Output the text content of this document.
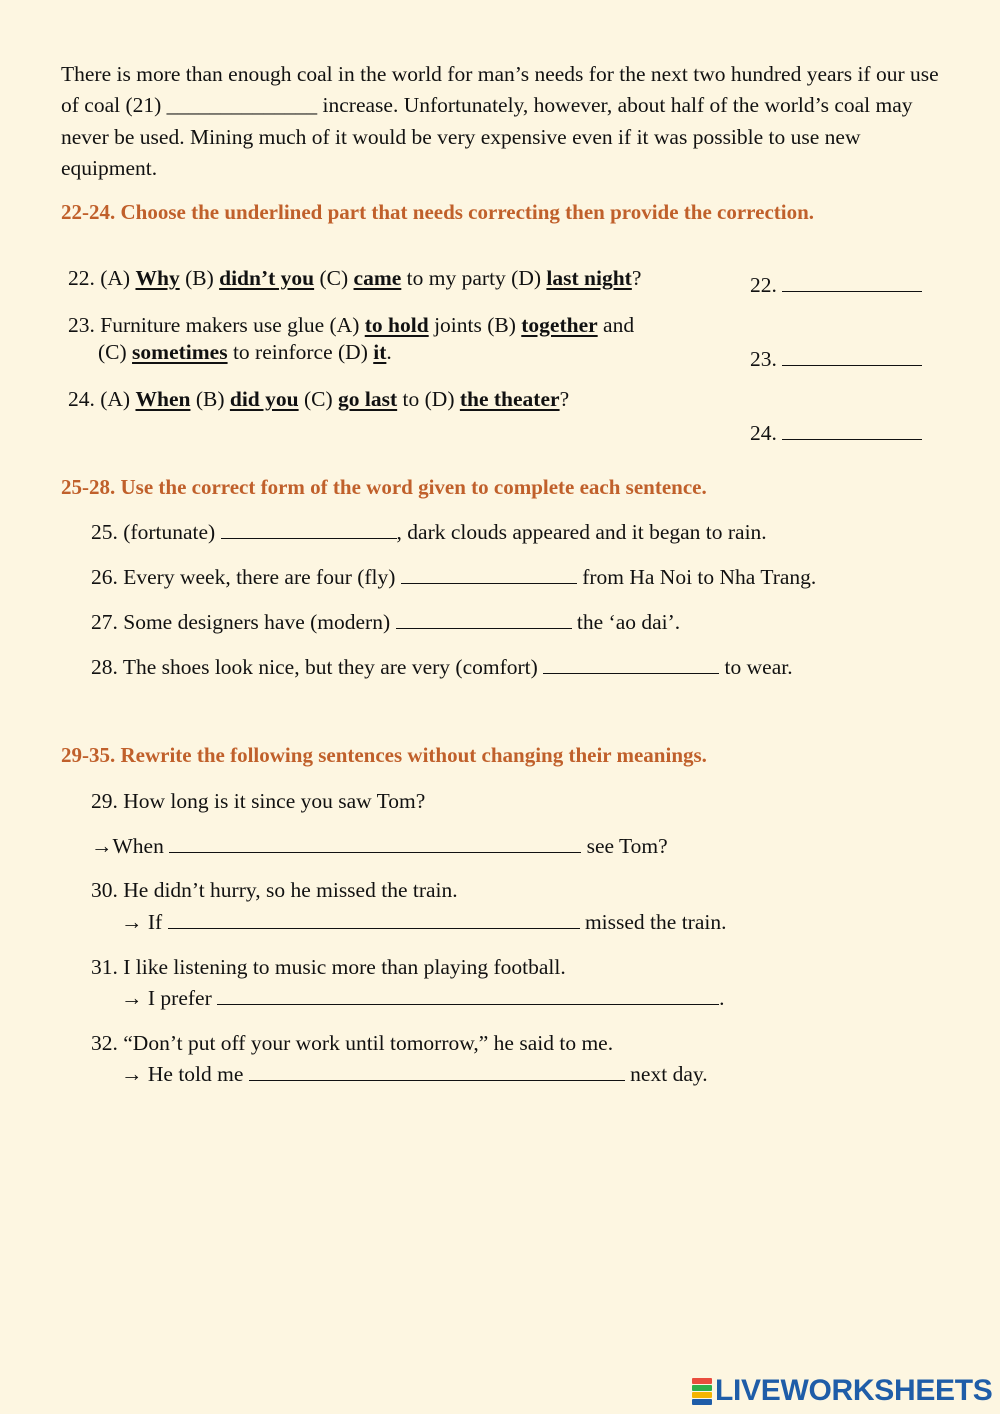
There is more than enough coal in the world for man’s needs for the next two hundred years if our use of coal (21) ______________ increase. Unfortunately, however, about half of the world’s coal may never be used. Mining much of it would be very expensive even if it was possible to use new equipment.

22-24. Choose the underlined part that needs correcting then provide the correction.

22. (A) Why (B) didn’t you (C) came to my party (D) last night?
23. Furniture makers use glue (A) to hold joints (B) together and
(C) sometimes to reinforce (D) it.
24. (A) When (B) did you (C) go last to (D) the theater?
22.
23.
24.

25-28. Use the correct form of the word given to complete each sentence.

25. (fortunate)	, dark clouds appeared and it began to rain.
26. Every week, there are four (fly)	from Ha Noi to Nha Trang.
27. Some designers have (modern)	the ‘ao dai’.
28. The shoes look nice, but they are very (comfort)	to wear.

29-35. Rewrite the following sentences without changing their meanings.

29. How long is it since you saw Tom?
→When	see Tom?
30. He didn’t hurry, so he missed the train.
→ If	missed the train.
31. I like listening to music more than playing football.
→ I prefer	.
32. “Don’t put off your work until tomorrow,” he said to me.
→ He told me	next day.
LIVEWORKSHEETS
